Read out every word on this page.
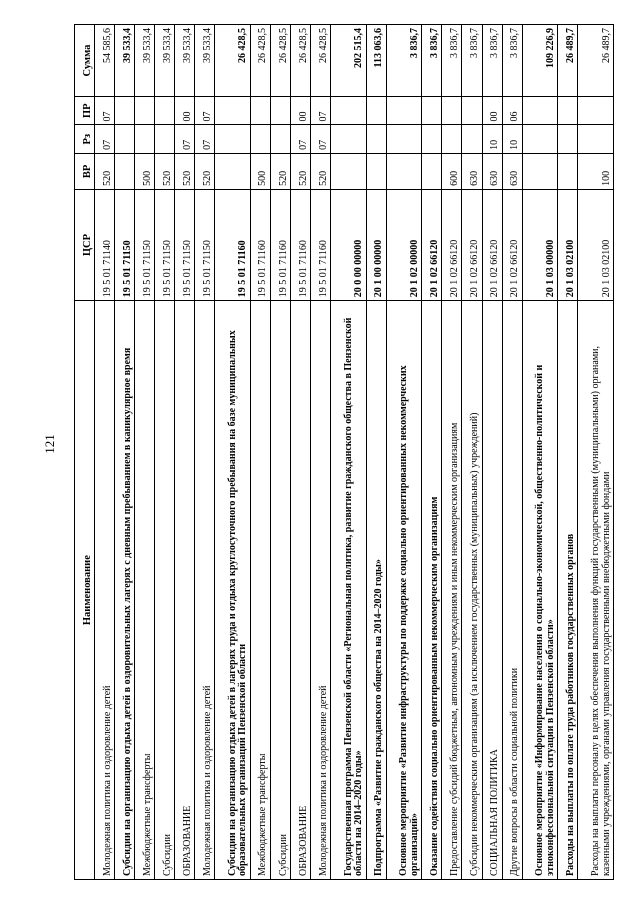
121
Наименование	ЦСР	ВР	Рз	ПР	Сумма
Молодежная политика и оздоровление детей	19 5 01 71140	520	07	07	54 585,6
Субсидии на организацию отдыха детей в оздоровительных лагерях с дневным пребыванием в каникулярное время	19 5 01 71150				39 533,4
Межбюджетные трансферты	19 5 01 71150	500			39 533,4
Субсидии	19 5 01 71150	520			39 533,4
ОБРАЗОВАНИЕ	19 5 01 71150	520	07	00	39 533,4
Молодежная политика и оздоровление детей	19 5 01 71150	520	07	07	39 533,4
Субсидии на организацию отдыха детей в лагерях труда и отдыха круглосуточного пребывания на базе муниципальных образовательных организаций Пензенской области	19 5 01 71160				26 428,5
Межбюджетные трансферты	19 5 01 71160	500			26 428,5
Субсидии	19 5 01 71160	520			26 428,5
ОБРАЗОВАНИЕ	19 5 01 71160	520	07	00	26 428,5
Молодежная политика и оздоровление детей	19 5 01 71160	520	07	07	26 428,5
Государственная программа Пензенской области «Региональная политика, развитие гражданского общества в Пензенской области на 2014–2020 годы»	20 0 00 00000				202 515,4
Подпрограмма «Развитие гражданского общества на 2014–2020 годы»	20 1 00 00000				113 063,6
Основное мероприятие «Развитие инфраструктуры по поддержке социально ориентированных некоммерческих организаций»	20 1 02 00000				3 836,7
Оказание содействия социально ориентированным некоммерческим организациям	20 1 02 66120				3 836,7
Предоставление субсидий бюджетным, автономным учреждениям и иным некоммерческим организациям	20 1 02 66120	600			3 836,7
Субсидии некоммерческим организациям (за исключением государственных (муниципальных) учреждений)	20 1 02 66120	630			3 836,7
СОЦИАЛЬНАЯ ПОЛИТИКА	20 1 02 66120	630	10	00	3 836,7
Другие вопросы в области социальной политики	20 1 02 66120	630	10	06	3 836,7
Основное мероприятие «Информирование населения о социально-экономической, общественно-политической и этноконфессиональной ситуации в Пензенской области»	20 1 03 00000				109 226,9
Расходы на выплаты по оплате труда работников государственных органов	20 1 03 02100				26 489,7
Расходы на выплаты персоналу в целях обеспечения выполнения функций государственными (муниципальными) органами, казенными учреждениями, органами управления государственными внебюджетными фондами	20 1 03 02100	100			26 489,7
